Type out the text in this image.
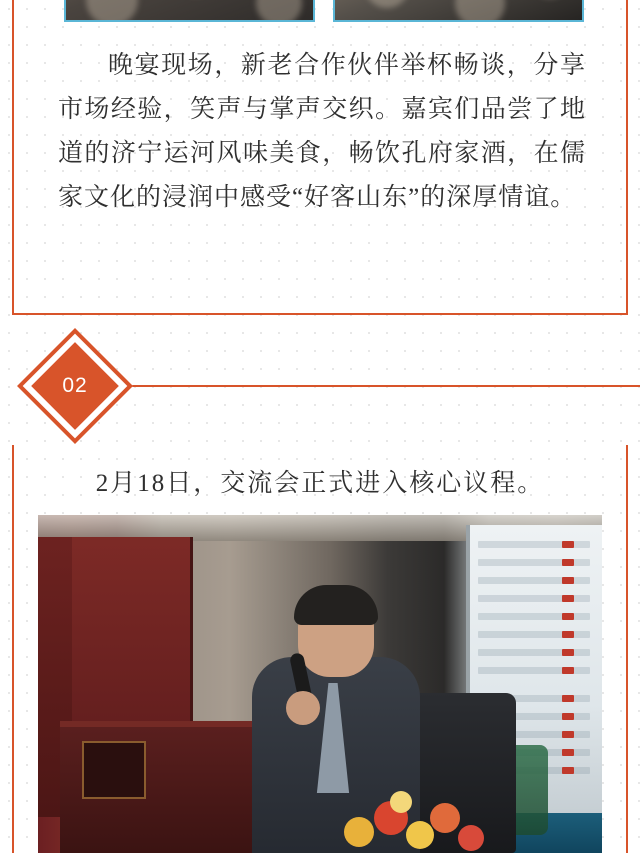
晚宴现场，新老合作伙伴举杯畅谈，分享市场经验，笑声与掌声交织。嘉宾们品尝了地道的济宁运河风味美食，畅饮孔府家酒，在儒家文化的浸润中感受“好客山东”的深厚情谊。
02
2月18日，交流会正式进入核心议程。
